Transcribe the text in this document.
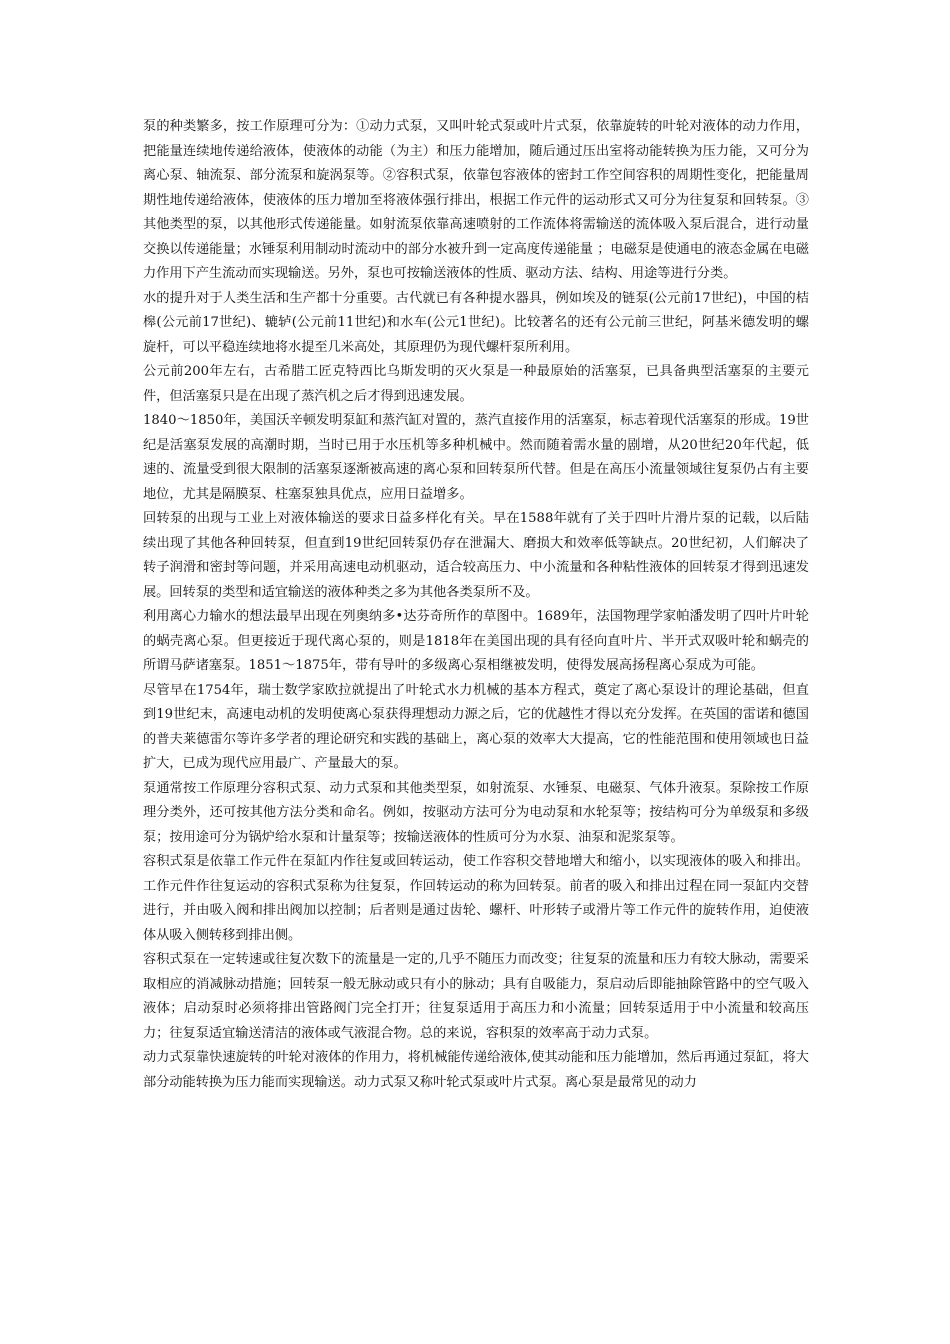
泵的种类繁多，按工作原理可分为：①动力式泵，又叫叶轮式泵或叶片式泵，依靠旋转的叶轮对液体的动力作用，把能量连续地传递给液体，使液体的动能（为主）和压力能增加，随后通过压出室将动能转换为压力能，又可分为离心泵、轴流泵、部分流泵和旋涡泵等。②容积式泵，依靠包容液体的密封工作空间容积的周期性变化，把能量周期性地传递给液体，使液体的压力增加至将液体强行排出，根据工作元件的运动形式又可分为往复泵和回转泵。③其他类型的泵，以其他形式传递能量。如射流泵依靠高速喷射的工作流体将需输送的流体吸入泵后混合，进行动量交换以传递能量；水锤泵利用制动时流动中的部分水被升到一定高度传递能量 ；电磁泵是使通电的液态金属在电磁力作用下产生流动而实现输送。另外，泵也可按输送液体的性质、驱动方法、结构、用途等进行分类。

水的提升对于人类生活和生产都十分重要。古代就已有各种提水器具，例如埃及的链泵(公元前17世纪)，中国的桔槔(公元前17世纪)、辘轳(公元前11世纪)和水车(公元1世纪)。比较著名的还有公元前三世纪，阿基米德发明的螺旋杆，可以平稳连续地将水提至几米高处，其原理仍为现代螺杆泵所利用。

公元前200年左右，古希腊工匠克特西比乌斯发明的灭火泵是一种最原始的活塞泵，已具备典型活塞泵的主要元件，但活塞泵只是在出现了蒸汽机之后才得到迅速发展。

1840～1850年，美国沃辛顿发明泵缸和蒸汽缸对置的，蒸汽直接作用的活塞泵，标志着现代活塞泵的形成。19世纪是活塞泵发展的高潮时期，当时已用于水压机等多种机械中。然而随着需水量的剧增，从20世纪20年代起，低速的、流量受到很大限制的活塞泵逐渐被高速的离心泵和回转泵所代替。但是在高压小流量领域往复泵仍占有主要地位，尤其是隔膜泵、柱塞泵独具优点，应用日益增多。

回转泵的出现与工业上对液体输送的要求日益多样化有关。早在1588年就有了关于四叶片滑片泵的记载，以后陆续出现了其他各种回转泵，但直到19世纪回转泵仍存在泄漏大、磨损大和效率低等缺点。20世纪初，人们解决了转子润滑和密封等问题，并采用高速电动机驱动，适合较高压力、中小流量和各种粘性液体的回转泵才得到迅速发展。回转泵的类型和适宜输送的液体种类之多为其他各类泵所不及。

利用离心力输水的想法最早出现在列奥纳多•达芬奇所作的草图中。1689年，法国物理学家帕潘发明了四叶片叶轮的蜗壳离心泵。但更接近于现代离心泵的，则是1818年在美国出现的具有径向直叶片、半开式双吸叶轮和蜗壳的所谓马萨诸塞泵。1851～1875年，带有导叶的多级离心泵相继被发明，使得发展高扬程离心泵成为可能。

尽管早在1754年，瑞士数学家欧拉就提出了叶轮式水力机械的基本方程式，奠定了离心泵设计的理论基础，但直到19世纪末，高速电动机的发明使离心泵获得理想动力源之后，它的优越性才得以充分发挥。在英国的雷诺和德国的普夫莱德雷尔等许多学者的理论研究和实践的基础上，离心泵的效率大大提高，它的性能范围和使用领域也日益扩大，已成为现代应用最广、产量最大的泵。

泵通常按工作原理分容积式泵、动力式泵和其他类型泵，如射流泵、水锤泵、电磁泵、气体升液泵。泵除按工作原理分类外，还可按其他方法分类和命名。例如，按驱动方法可分为电动泵和水轮泵等；按结构可分为单级泵和多级泵；按用途可分为锅炉给水泵和计量泵等；按输送液体的性质可分为水泵、油泵和泥浆泵等。

容积式泵是依靠工作元件在泵缸内作往复或回转运动，使工作容积交替地增大和缩小，以实现液体的吸入和排出。工作元件作往复运动的容积式泵称为往复泵，作回转运动的称为回转泵。前者的吸入和排出过程在同一泵缸内交替进行，并由吸入阀和排出阀加以控制；后者则是通过齿轮、螺杆、叶形转子或滑片等工作元件的旋转作用，迫使液体从吸入侧转移到排出侧。

容积式泵在一定转速或往复次数下的流量是一定的,几乎不随压力而改变；往复泵的流量和压力有较大脉动，需要采取相应的消减脉动措施；回转泵一般无脉动或只有小的脉动；具有自吸能力，泵启动后即能抽除管路中的空气吸入液体；启动泵时必须将排出管路阀门完全打开；往复泵适用于高压力和小流量；回转泵适用于中小流量和较高压力；往复泵适宜输送清洁的液体或气液混合物。总的来说，容积泵的效率高于动力式泵。

动力式泵靠快速旋转的叶轮对液体的作用力，将机械能传递给液体,使其动能和压力能增加，然后再通过泵缸，将大部分动能转换为压力能而实现输送。动力式泵又称叶轮式泵或叶片式泵。离心泵是最常见的动力
